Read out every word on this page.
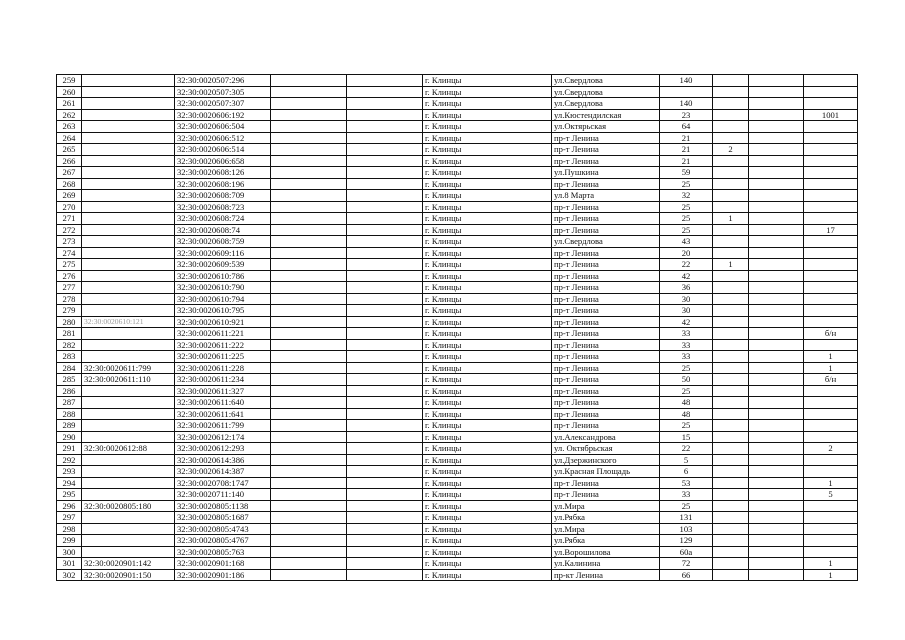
259		32:30:0020507:296			г. Клинцы	ул.Свердлова	140			
260		32:30:0020507:305			г. Клинцы	ул.Свердлова				
261		32:30:0020507:307			г. Клинцы	ул.Свердлова	140			
262		32:30:0020606:192			г. Клинцы	ул.Кюстендилская	23			1001
263		32:30:0020606:504			г. Клинцы	ул.Октярьская	64			
264		32:30:0020606:512			г. Клинцы	пр-т Ленина	21			
265		32:30:0020606:514			г. Клинцы	пр-т Ленина	21	2		
266		32:30:0020606:658			г. Клинцы	пр-т Ленина	21			
267		32:30:0020608:126			г. Клинцы	ул.Пушкина	59			
268		32:30:0020608:196			г. Клинцы	пр-т Ленина	25			
269		32:30:0020608:709			г. Клинцы	ул.8 Марта	32			
270		32:30:0020608:723			г. Клинцы	пр-т Ленина	25			
271		32:30:0020608:724			г. Клинцы	пр-т Ленина	25	1		
272		32:30:0020608:74			г. Клинцы	пр-т Ленина	25			17
273		32:30:0020608:759			г. Клинцы	ул.Свердлова	43			
274		32:30:0020609:116			г. Клинцы	пр-т Ленина	20			
275		32:30:0020609:539			г. Клинцы	пр-т Ленина	22	1		
276		32:30:0020610:786			г. Клинцы	пр-т Ленина	42			
277		32:30:0020610:790			г. Клинцы	пр-т Ленина	36			
278		32:30:0020610:794			г. Клинцы	пр-т Ленина	30			
279		32:30:0020610:795			г. Клинцы	пр-т Ленина	30			
280	32:30:0020610:121	32:30:0020610:921			г. Клинцы	пр-т Ленина	42			
281		32:30:0020611:221			г. Клинцы	пр-т Ленина	33			б/н
282		32:30:0020611:222			г. Клинцы	пр-т Ленина	33			
283		32:30:0020611:225			г. Клинцы	пр-т Ленина	33			1
284	32:30:0020611:799	32:30:0020611:228			г. Клинцы	пр-т Ленина	25			1
285	32:30:0020611:110	32:30:0020611:234			г. Клинцы	пр-т Ленина	50			б/н
286		32:30:0020611:327			г. Клинцы	пр-т Ленина	25			
287		32:30:0020611:640			г. Клинцы	пр-т Ленина	48			
288		32:30:0020611:641			г. Клинцы	пр-т Ленина	48			
289		32:30:0020611:799			г. Клинцы	пр-т Ленина	25			
290		32:30:0020612:174			г. Клинцы	ул.Александрова	15			
291	32:30:0020612:88	32:30:0020612:293			г. Клинцы	ул. Октябрьская	22			2
292		32:30:0020614:386			г. Клинцы	ул.Дзержинского	5			
293		32:30:0020614:387			г. Клинцы	ул.Красная Площадь	6			
294		32:30:0020708:1747			г. Клинцы	пр-т Ленина	53			1
295		32:30:0020711:140			г. Клинцы	пр-т Ленина	33			5
296	32:30:0020805:180	32:30:0020805:1138			г. Клинцы	ул.Мира	25			
297		32:30:0020805:1687			г. Клинцы	ул.Рябка	131			
298		32:30:0020805:4743			г. Клинцы	ул.Мира	103			
299		32:30:0020805:4767			г. Клинцы	ул.Рябка	129			
300		32:30:0020805:763			г. Клинцы	ул.Ворошилова	60а			
301	32:30:0020901:142	32:30:0020901:168			г. Клинцы	ул.Калинина	72			1
302	32:30:0020901:150	32:30:0020901:186			г. Клинцы	пр-кт Ленина	66			1
